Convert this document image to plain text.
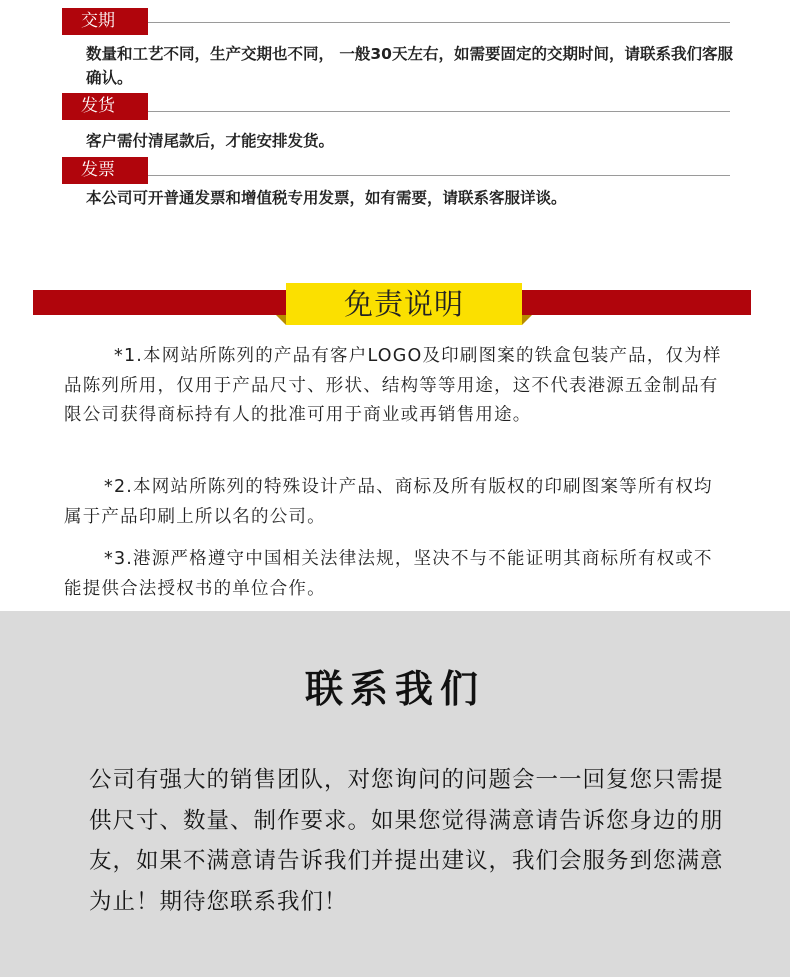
交期
数量和工艺不同，生产交期也不同， 一般30天左右，如需要固定的交期时间，请联系我们客服确认。
发货
客户需付清尾款后，才能安排发货。
发票
本公司可开普通发票和增值税专用发票，如有需要，请联系客服详谈。
免责说明

*1.本网站所陈列的产品有客户LOGO及印刷图案的铁盒包装产品，仅为样品陈列所用，仅用于产品尺寸、形状、结构等等用途，这不代表港源五金制品有限公司获得商标持有人的批准可用于商业或再销售用途。

*2.本网站所陈列的特殊设计产品、商标及所有版权的印刷图案等所有权均属于产品印刷上所以名的公司。

*3.港源严格遵守中国相关法律法规，坚决不与不能证明其商标所有权或不能提供合法授权书的单位合作。

联系我们

公司有强大的销售团队，对您询问的问题会一一回复您只需提供尺寸、数量、制作要求。如果您觉得满意请告诉您身边的朋友，如果不满意请告诉我们并提出建议，我们会服务到您满意为止！期待您联系我们！
